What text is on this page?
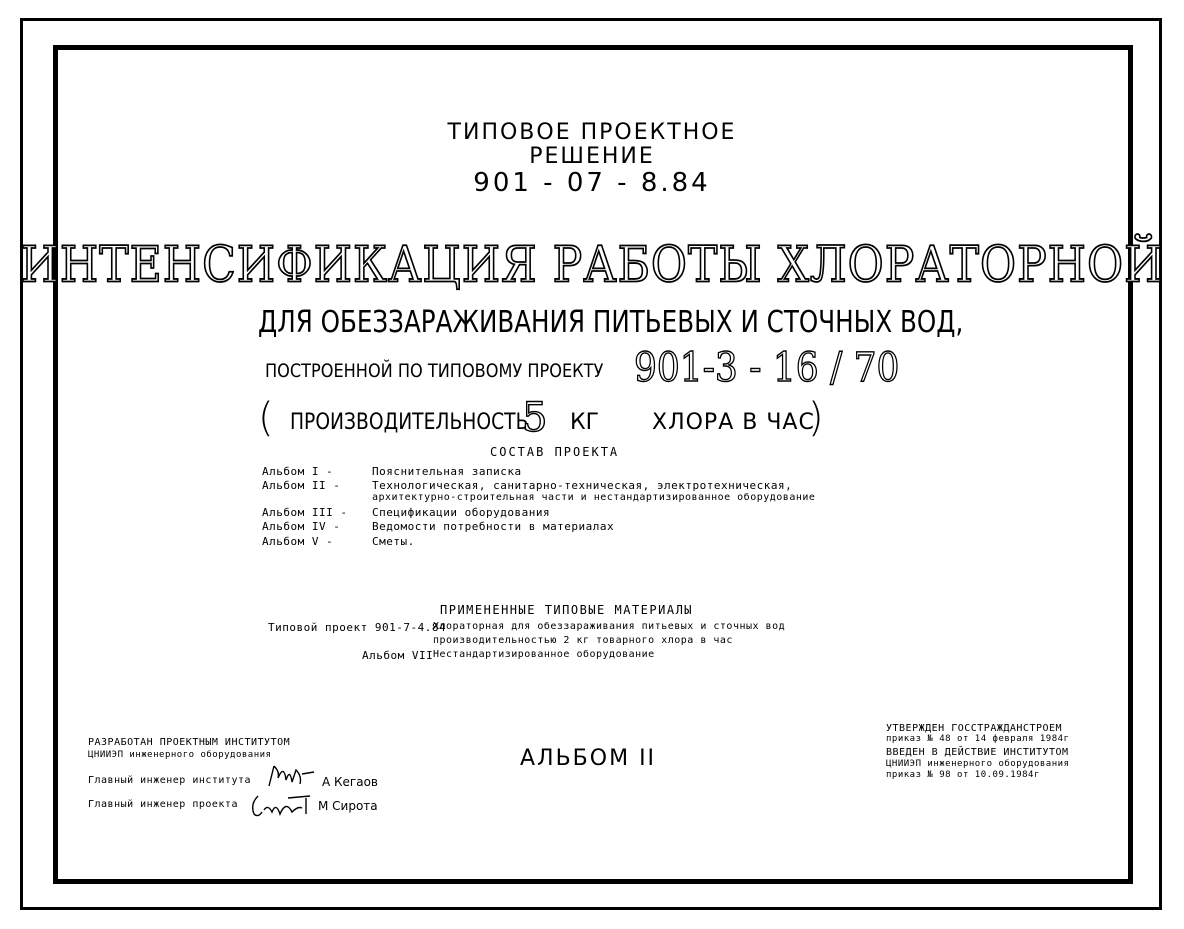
ТИПОВОЕ ПРОЕКТНОЕ
РЕШЕНИЕ
901 - 07 - 8.84
ИНТЕНСИФИКАЦИЯ РАБОТЫ ХЛОРАТОРНОЙ
ДЛЯ ОБЕЗЗАРАЖИВАНИЯ ПИТЬЕВЫХ И СТОЧНЫХ ВОД,
ПОСТРОЕННОЙ ПО ТИПОВОМУ ПРОЕКТУ 901-3 - 16 / 70
( ПРОИЗВОДИТЕЛЬНОСТЬ
5 КГ ХЛОРА В ЧАС
)
СОСТАВ ПРОЕКТА
Альбом I -	Пояснительная записка
Альбом II -	Технологическая, санитарно-техническая, электротехническая,
архитектурно-строительная части и нестандартизированное оборудование
Альбом III - Спецификации оборудования
Альбом IV -	Ведомости потребности в материалах
Альбом V -	Сметы.
ПРИМЕНЕННЫЕ ТИПОВЫЕ МАТЕРИАЛЫ
Типовой проект 901-7-4.84
Хлораторная для обеззараживания питьевых и сточных вод
производительностью 2 кг товарного хлора в час
Альбом VII Нестандартизированное оборудование
РАЗРАБОТАН ПРОЕКТНЫМ ИНСТИТУТОМ
ЦНИИЭП инженерного оборудования
Главный инженер института	А Кегаов
Главный инженер проекта	М Сирота
АЛЬБОМ II
УТВЕРЖДЕН ГОССТРАЖДАНСТРОЕМ
приказ № 48 от 14 февраля 1984г
ВВЕДЕН В ДЕЙСТВИЕ ИНСТИТУТОМ
ЦНИИЭП инженерного оборудования
приказ № 98 от 10.09.1984г
